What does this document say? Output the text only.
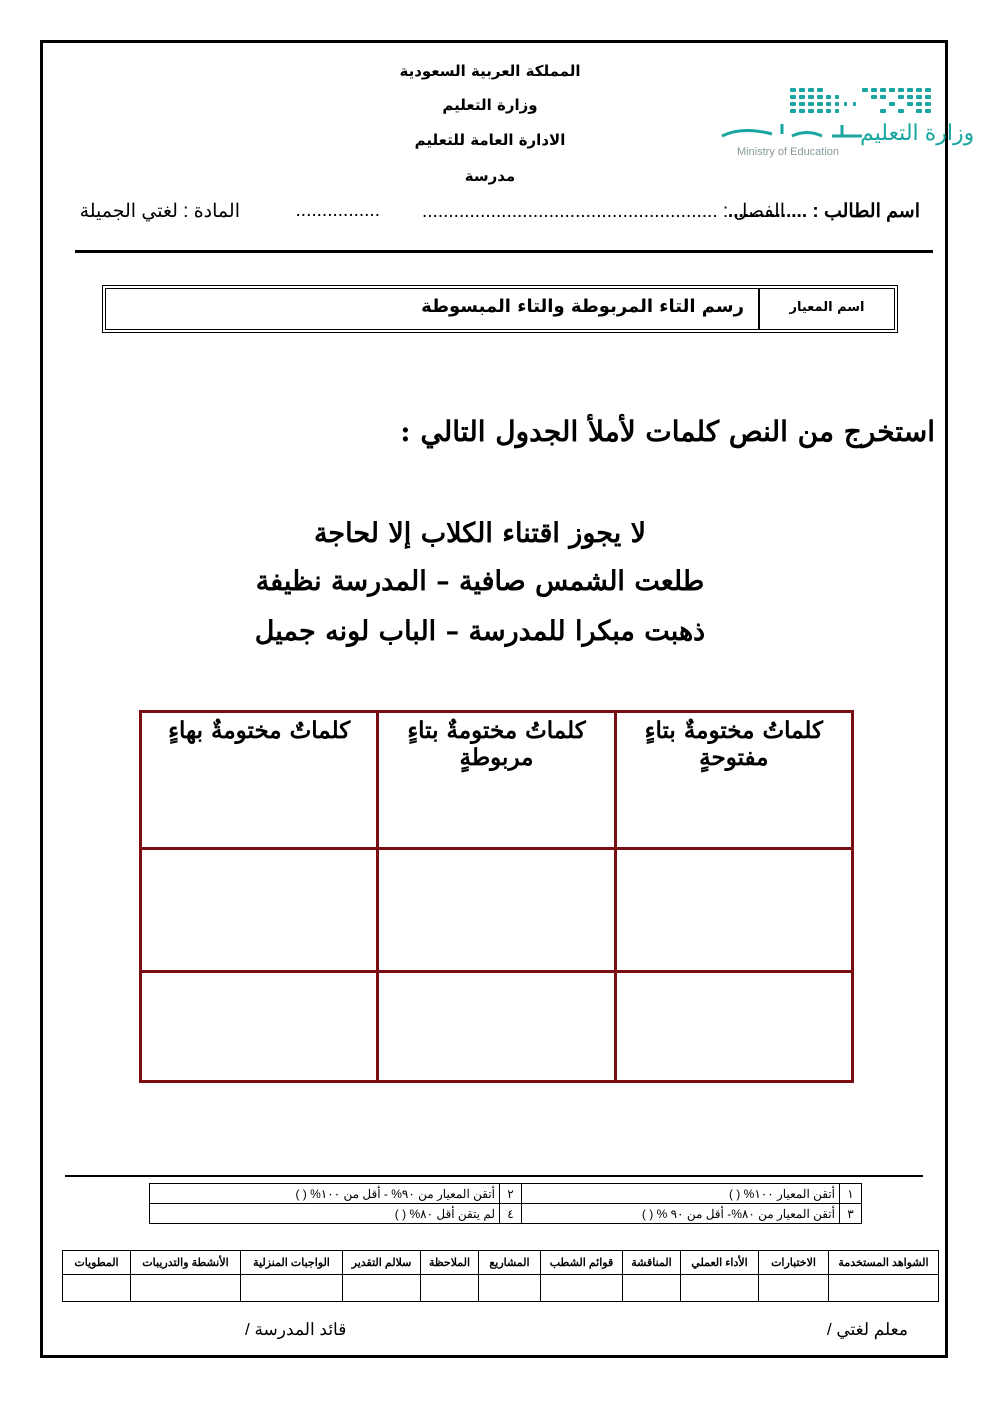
المملكة العربية السعودية
وزارة التعليم
الادارة العامة للتعليم
مدرسة
وزارة التعليم
Ministry of Education
اسم الطالب : ...............
الفصل : ........................................................
................
المادة : لغتي الجميلة
اسم المعيار
رسم التاء المربوطة والتاء المبسوطة
استخرج من النص كلمات لأملأ الجدول التالي :
لا يجوز اقتناء الكلاب إلا لحاجة
طلعت الشمس صافية – المدرسة نظيفة
ذهبت مبكرا للمدرسة – الباب لونه جميل
كلماتُ مختومةٌ بتاءٍ مفتوحةٍ	كلماتُ مختومةٌ بتاءٍ مربوطةٍ	كلماتٌ مختومةٌ بهاءٍ

١	أتقن المعيار ١٠٠% ( )	٢	أتقن المعيار من ٩٠% - أقل من ١٠٠% ( )
٣	أتقن المعيار من ٨٠%- أقل من ٩٠ % ( )	٤	لم يتقن أقل ٨٠% ( )
الشواهد المستخدمة	الاختبارات	الأداء العملي	المناقشة	قوائم الشطب	المشاريع	الملاحظة	سلالم التقدير	الواجبات المنزلية	الأنشطة والتدريبات	المطويات

معلم لغتي /
قائد المدرسة /
